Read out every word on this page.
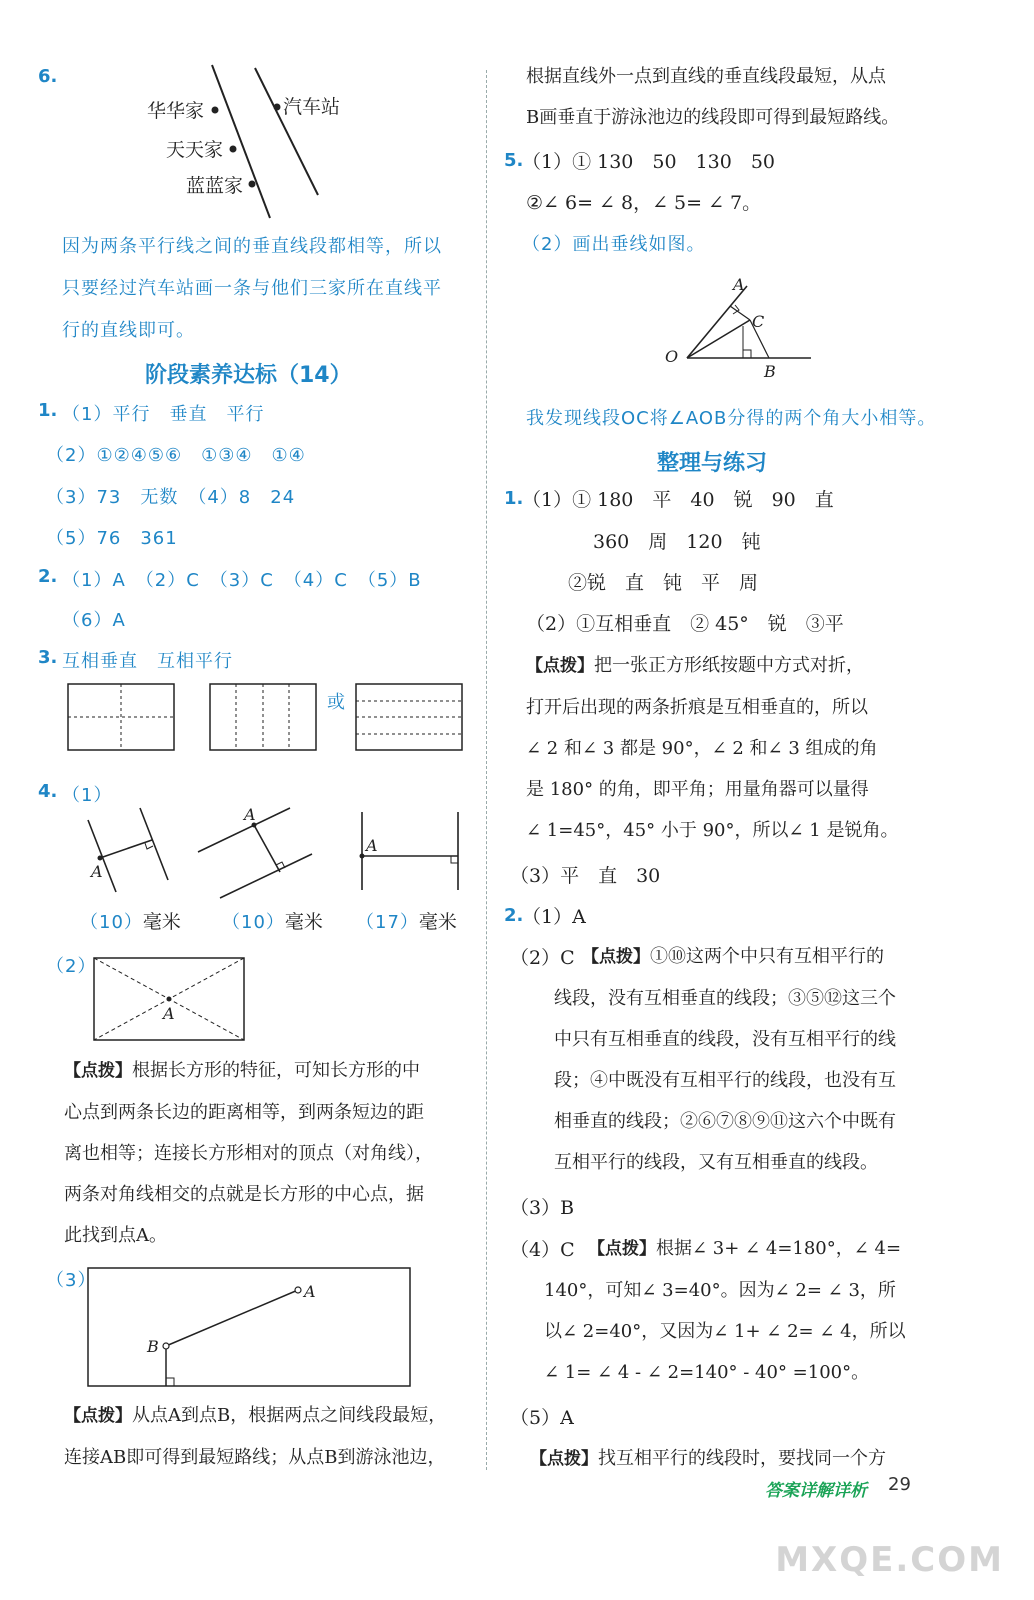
6.
华华家
天天家
蓝蓝家
汽车站
因为两条平行线之间的垂直线段都相等，所以
只要经过汽车站画一条与他们三家所在直线平
行的直线即可。
阶段素养达标（14）
1. （1）平行　垂直　平行
（2）①②④⑤⑥　①③④　①④
（3）73　无数　（4）8　24
（5）76　361
2. （1）A　（2）C　（3）C　（4）C　（5）B
（6）A
3. 互相垂直　互相平行
或
4. （1）
A
A
A
（10）毫米 （10）毫米 （17）毫米
（2）
A
【点拨】根据长方形的特征，可知长方形的中
心点到两条长边的距离相等，到两条短边的距
离也相等；连接长方形相对的顶点（对角线），
两条对角线相交的点就是长方形的中心点，据
此找到点A。
（3）
A
B
【点拨】从点A到点B，根据两点之间线段最短，
连接AB即可得到最短路线；从点B到游泳池边，
根据直线外一点到直线的垂直线段最短，从点
B画垂直于游泳池边的线段即可得到最短路线。
5.
（1）① 130　50　130　50
②∠ 6= ∠ 8，∠ 5= ∠ 7。
（2）画出垂线如图。
A
C
O
B
我发现线段OC将∠AOB分得的两个角大小相等。
整理与练习
1.
（1）① 180　平　40　锐　90　直
360　周　120　钝
②锐　直　钝　平　周
（2）①互相垂直　② 45°　锐　③平
【点拨】把一张正方形纸按题中方式对折，
打开后出现的两条折痕是互相垂直的，所以
∠ 2 和∠ 3 都是 90°，∠ 2 和∠ 3 组成的角
是 180° 的角，即平角；用量角器可以量得
∠ 1=45°，45° 小于 90°，所以∠ 1 是锐角。
（3）平　直　30
2.
（1）A
（2）C 【点拨】①⑩这两个中只有互相平行的
线段，没有互相垂直的线段；③⑤⑫这三个
中只有互相垂直的线段，没有互相平行的线
段；④中既没有互相平行的线段，也没有互
相垂直的线段；②⑥⑦⑧⑨⑪这六个中既有
互相平行的线段，又有互相垂直的线段。
（3）B
（4）C 【点拨】根据∠ 3+ ∠ 4=180°，∠ 4=
140°，可知∠ 3=40°。因为∠ 2= ∠ 3，所
以∠ 2=40°，又因为∠ 1+ ∠ 2= ∠ 4，所以
∠ 1= ∠ 4 - ∠ 2=140° - 40° =100°。
（5）A
【点拨】找互相平行的线段时，要找同一个方
答案详解详析 29
MXQE.COM
